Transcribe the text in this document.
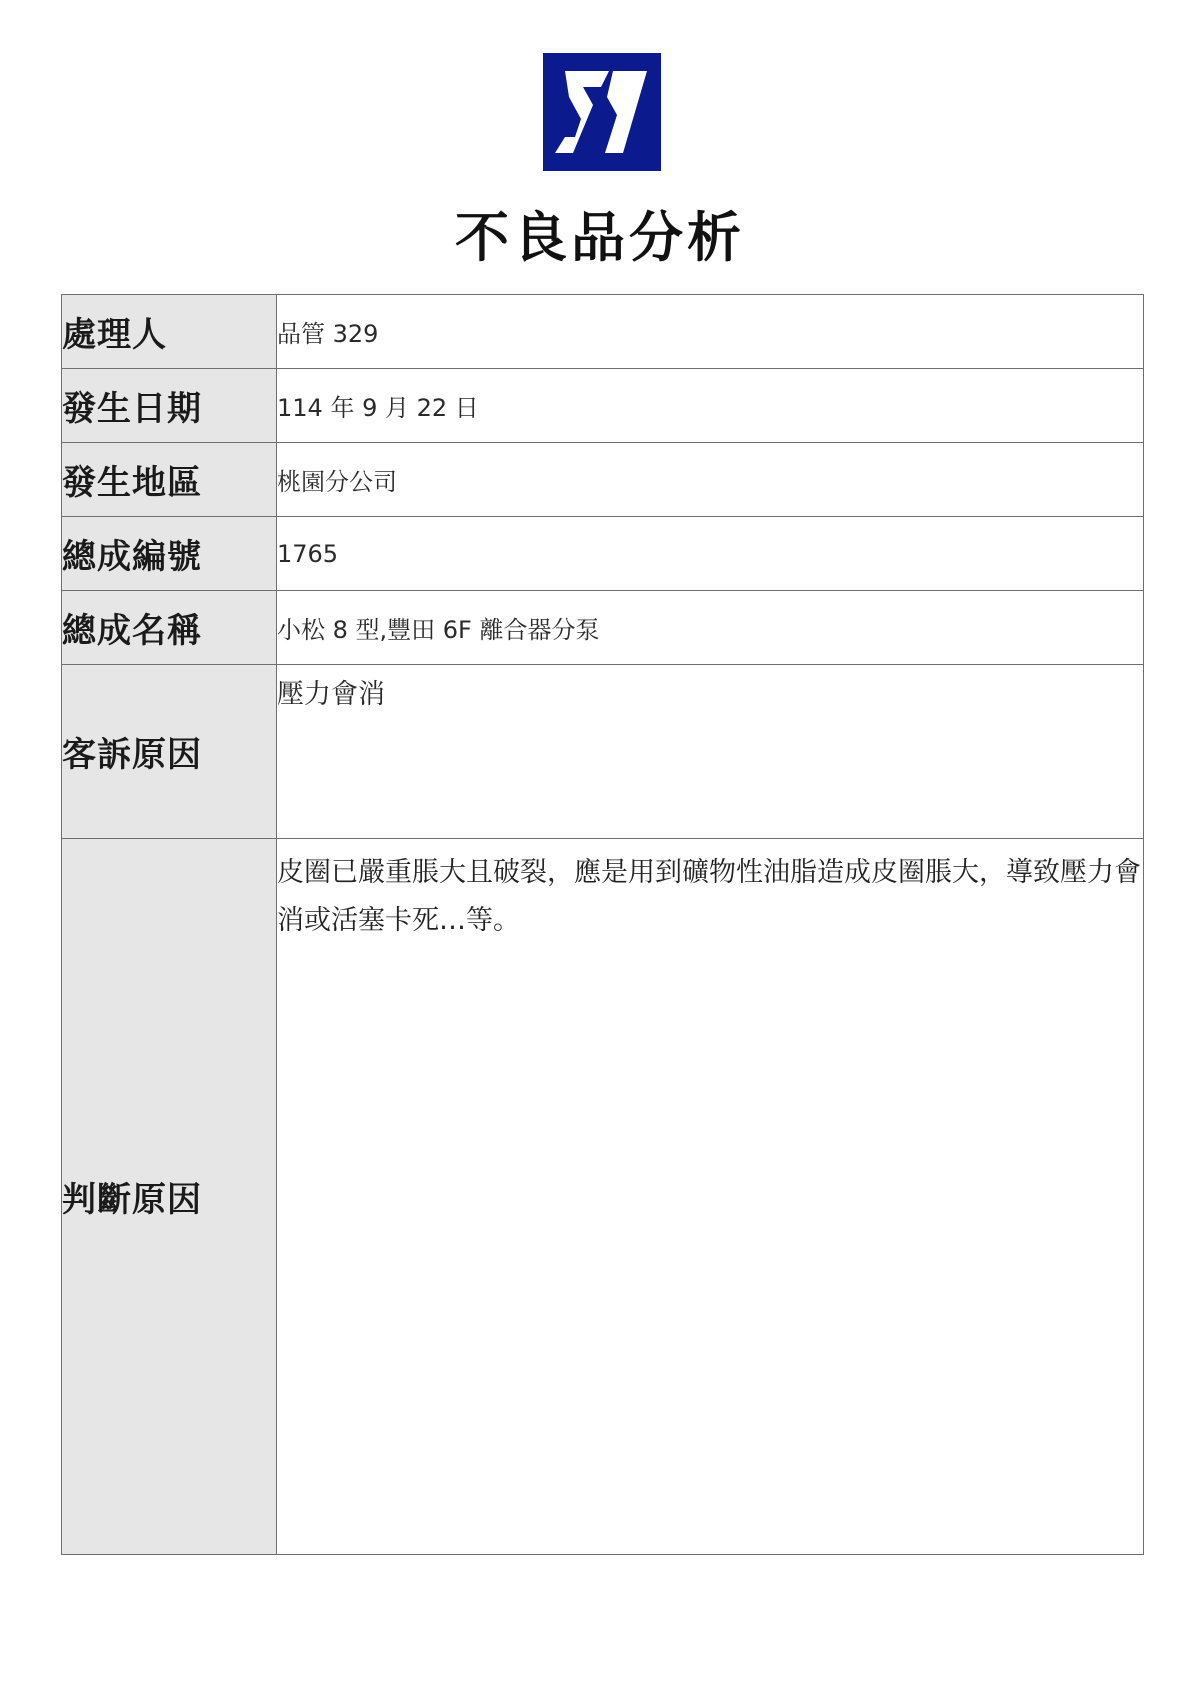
不良品分析
處理人	品管 329
發生日期	114 年 9 月 22 日
發生地區	桃園分公司
總成編號	1765
總成名稱	小松 8 型,豐田 6F 離合器分泵
客訴原因	壓力會消

判斷原因	皮圈已嚴重脹大且破裂，應是用到礦物性油脂造成皮圈脹大，導致壓力會消或活塞卡死…等。
